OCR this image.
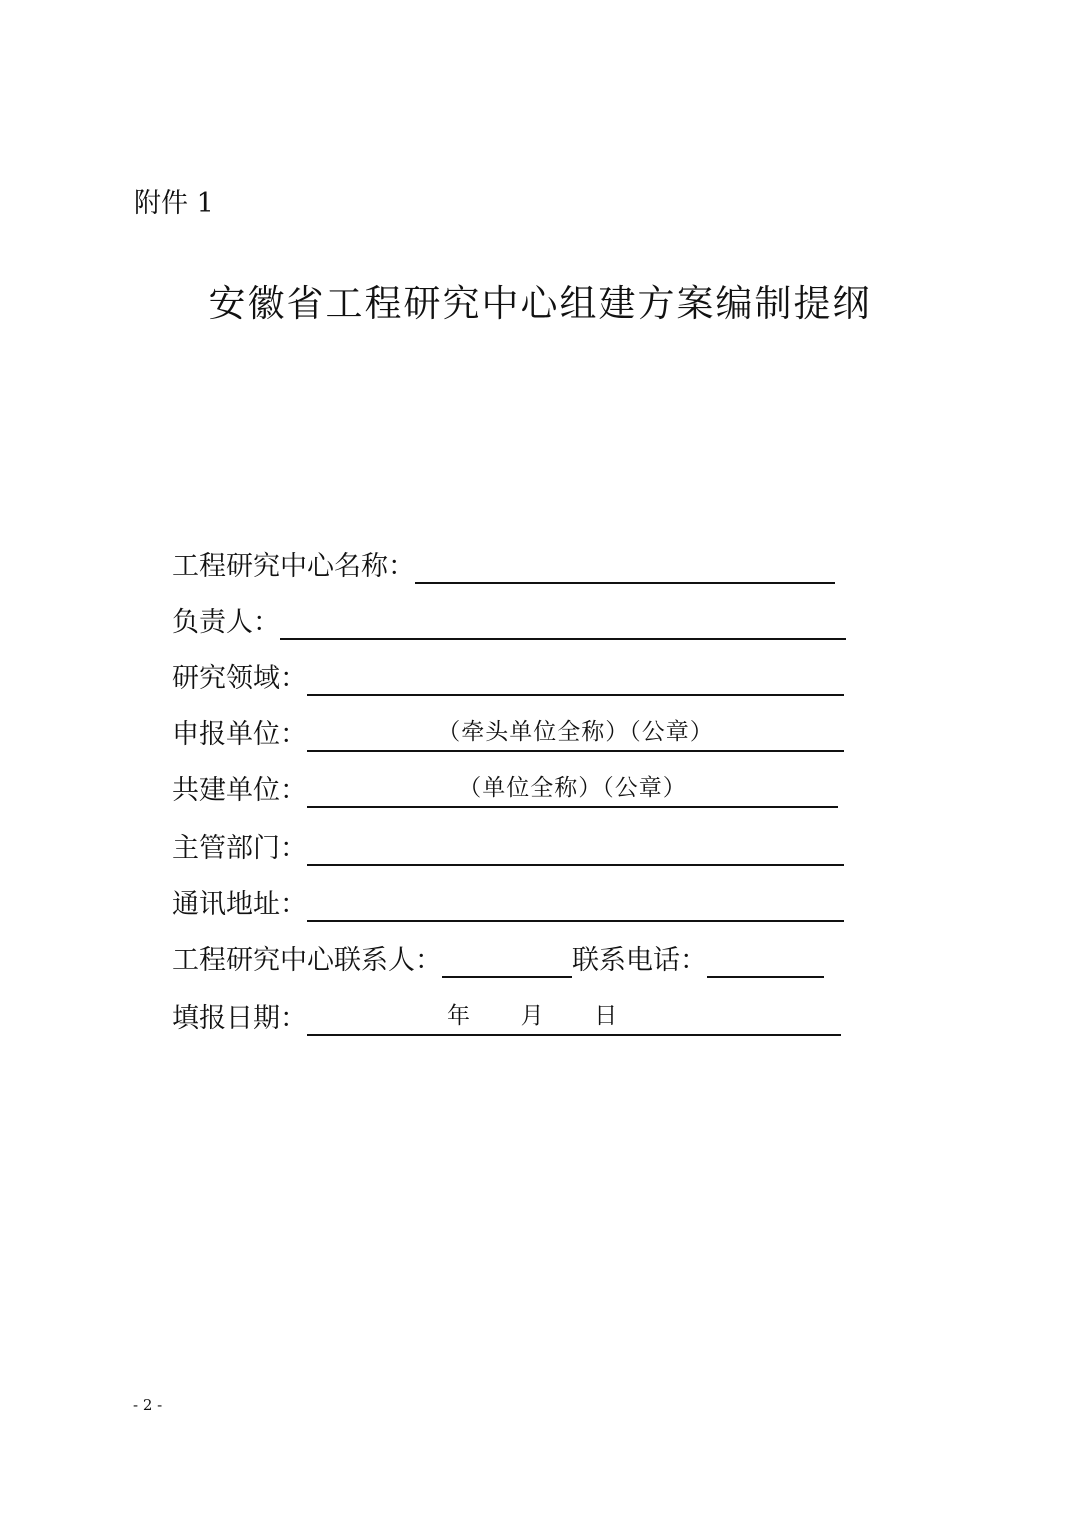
附件 1
安徽省工程研究中心组建方案编制提纲
工程研究中心名称：
负责人：
研究领域：
申报单位：	（牵头单位全称）（公章）
共建单位：	（单位全称）（公章）
主管部门：
通讯地址：
工程研究中心联系人：	联系电话：
填报日期：	年 月 日
- 2 -
